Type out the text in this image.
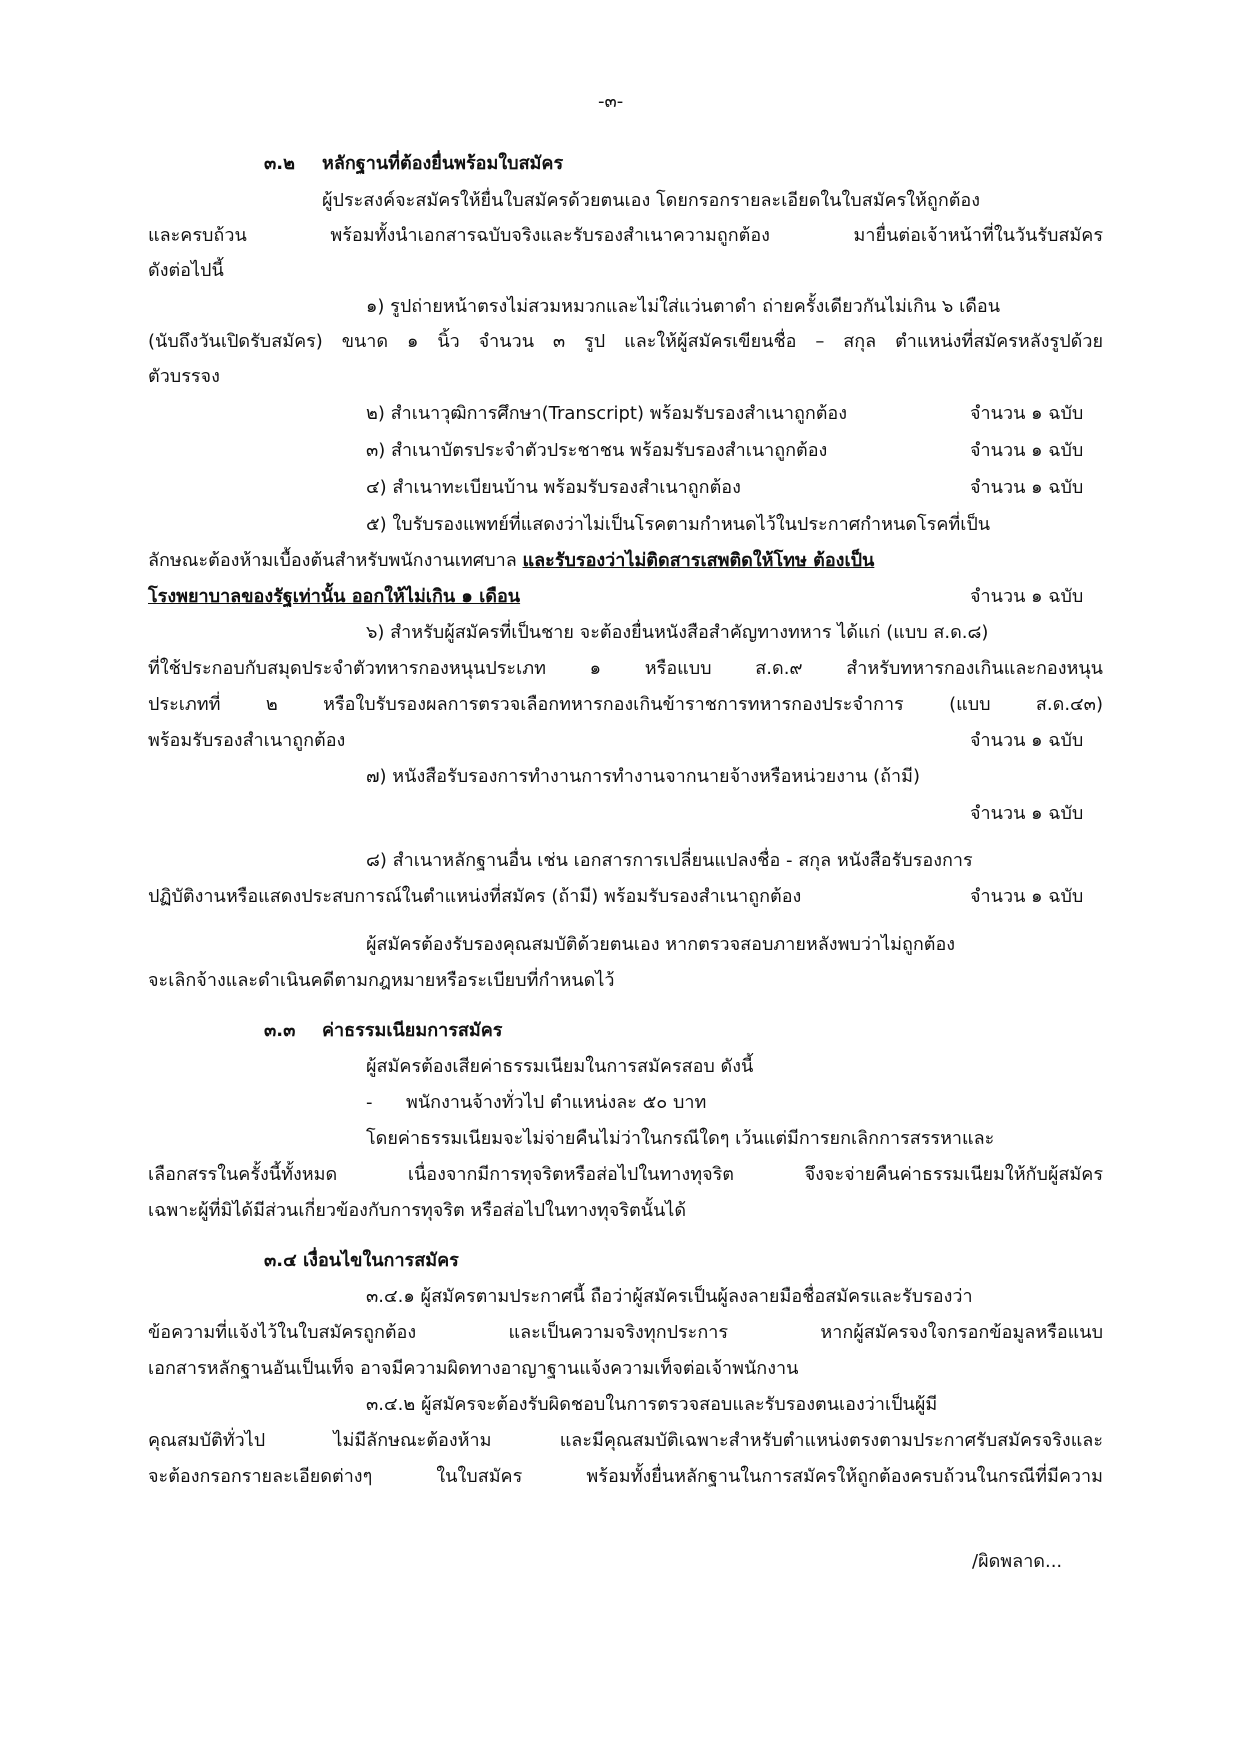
-๓-
๓.๒ หลักฐานที่ต้องยื่นพร้อมใบสมัคร
ผู้ประสงค์จะสมัครให้ยื่นใบสมัครด้วยตนเอง โดยกรอกรายละเอียดในใบสมัครให้ถูกต้อง
และครบถ้วน พร้อมทั้งนำเอกสารฉบับจริงและรับรองสำเนาความถูกต้อง มายื่นต่อเจ้าหน้าที่ในวันรับสมัคร
ดังต่อไปนี้
๑) รูปถ่ายหน้าตรงไม่สวมหมวกและไม่ใส่แว่นตาดำ ถ่ายครั้งเดียวกันไม่เกิน ๖ เดือน
(นับถึงวันเปิดรับสมัคร) ขนาด ๑ นิ้ว จำนวน ๓ รูป และให้ผู้สมัครเขียนชื่อ – สกุล ตำแหน่งที่สมัครหลังรูปด้วย
ตัวบรรจง
๒) สำเนาวุฒิการศึกษา(Transcript) พร้อมรับรองสำเนาถูกต้อง	จำนวน ๑ ฉบับ
๓) สำเนาบัตรประจำตัวประชาชน พร้อมรับรองสำเนาถูกต้อง	จำนวน ๑ ฉบับ
๔) สำเนาทะเบียนบ้าน พร้อมรับรองสำเนาถูกต้อง	จำนวน ๑ ฉบับ
๕) ใบรับรองแพทย์ที่แสดงว่าไม่เป็นโรคตามกำหนดไว้ในประกาศกำหนดโรคที่เป็น
ลักษณะต้องห้ามเบื้องต้นสำหรับพนักงานเทศบาล และรับรองว่าไม่ติดสารเสพติดให้โทษ ต้องเป็น
โรงพยาบาลของรัฐเท่านั้น ออกให้ไม่เกิน ๑ เดือน	จำนวน ๑ ฉบับ
๖) สำหรับผู้สมัครที่เป็นชาย จะต้องยื่นหนังสือสำคัญทางทหาร ได้แก่ (แบบ ส.ด.๘)
ที่ใช้ประกอบกับสมุดประจำตัวทหารกองหนุนประเภท ๑ หรือแบบ ส.ด.๙ สำหรับทหารกองเกินและกองหนุน
ประเภทที่ ๒ หรือใบรับรองผลการตรวจเลือกทหารกองเกินข้าราชการทหารกองประจำการ (แบบ ส.ด.๔๓)
พร้อมรับรองสำเนาถูกต้อง	จำนวน ๑ ฉบับ
๗) หนังสือรับรองการทำงานการทำงานจากนายจ้างหรือหน่วยงาน (ถ้ามี)
จำนวน ๑ ฉบับ
๘) สำเนาหลักฐานอื่น เช่น เอกสารการเปลี่ยนแปลงชื่อ - สกุล หนังสือรับรองการ
ปฏิบัติงานหรือแสดงประสบการณ์ในตำแหน่งที่สมัคร (ถ้ามี) พร้อมรับรองสำเนาถูกต้อง	จำนวน ๑ ฉบับ
ผู้สมัครต้องรับรองคุณสมบัติด้วยตนเอง หากตรวจสอบภายหลังพบว่าไม่ถูกต้อง
จะเลิกจ้างและดำเนินคดีตามกฎหมายหรือระเบียบที่กำหนดไว้
๓.๓ ค่าธรรมเนียมการสมัคร
ผู้สมัครต้องเสียค่าธรรมเนียมในการสมัครสอบ ดังนี้
- พนักงานจ้างทั่วไป ตำแหน่งละ ๕๐ บาท
โดยค่าธรรมเนียมจะไม่จ่ายคืนไม่ว่าในกรณีใดๆ เว้นแต่มีการยกเลิกการสรรหาและ
เลือกสรรในครั้งนี้ทั้งหมด เนื่องจากมีการทุจริตหรือส่อไปในทางทุจริต จึงจะจ่ายคืนค่าธรรมเนียมให้กับผู้สมัคร
เฉพาะผู้ที่มิได้มีส่วนเกี่ยวข้องกับการทุจริต หรือส่อไปในทางทุจริตนั้นได้
๓.๔ เงื่อนไขในการสมัคร
๓.๔.๑ ผู้สมัครตามประกาศนี้ ถือว่าผู้สมัครเป็นผู้ลงลายมือชื่อสมัครและรับรองว่า
ข้อความที่แจ้งไว้ในใบสมัครถูกต้อง และเป็นความจริงทุกประการ หากผู้สมัครจงใจกรอกข้อมูลหรือแนบ
เอกสารหลักฐานอันเป็นเท็จ อาจมีความผิดทางอาญาฐานแจ้งความเท็จต่อเจ้าพนักงาน
๓.๔.๒ ผู้สมัครจะต้องรับผิดชอบในการตรวจสอบและรับรองตนเองว่าเป็นผู้มี
คุณสมบัติทั่วไป ไม่มีลักษณะต้องห้าม และมีคุณสมบัติเฉพาะสำหรับตำแหน่งตรงตามประกาศรับสมัครจริงและ
จะต้องกรอกรายละเอียดต่างๆ ในใบสมัคร พร้อมทั้งยื่นหลักฐานในการสมัครให้ถูกต้องครบถ้วนในกรณีที่มีความ
/ผิดพลาด...
